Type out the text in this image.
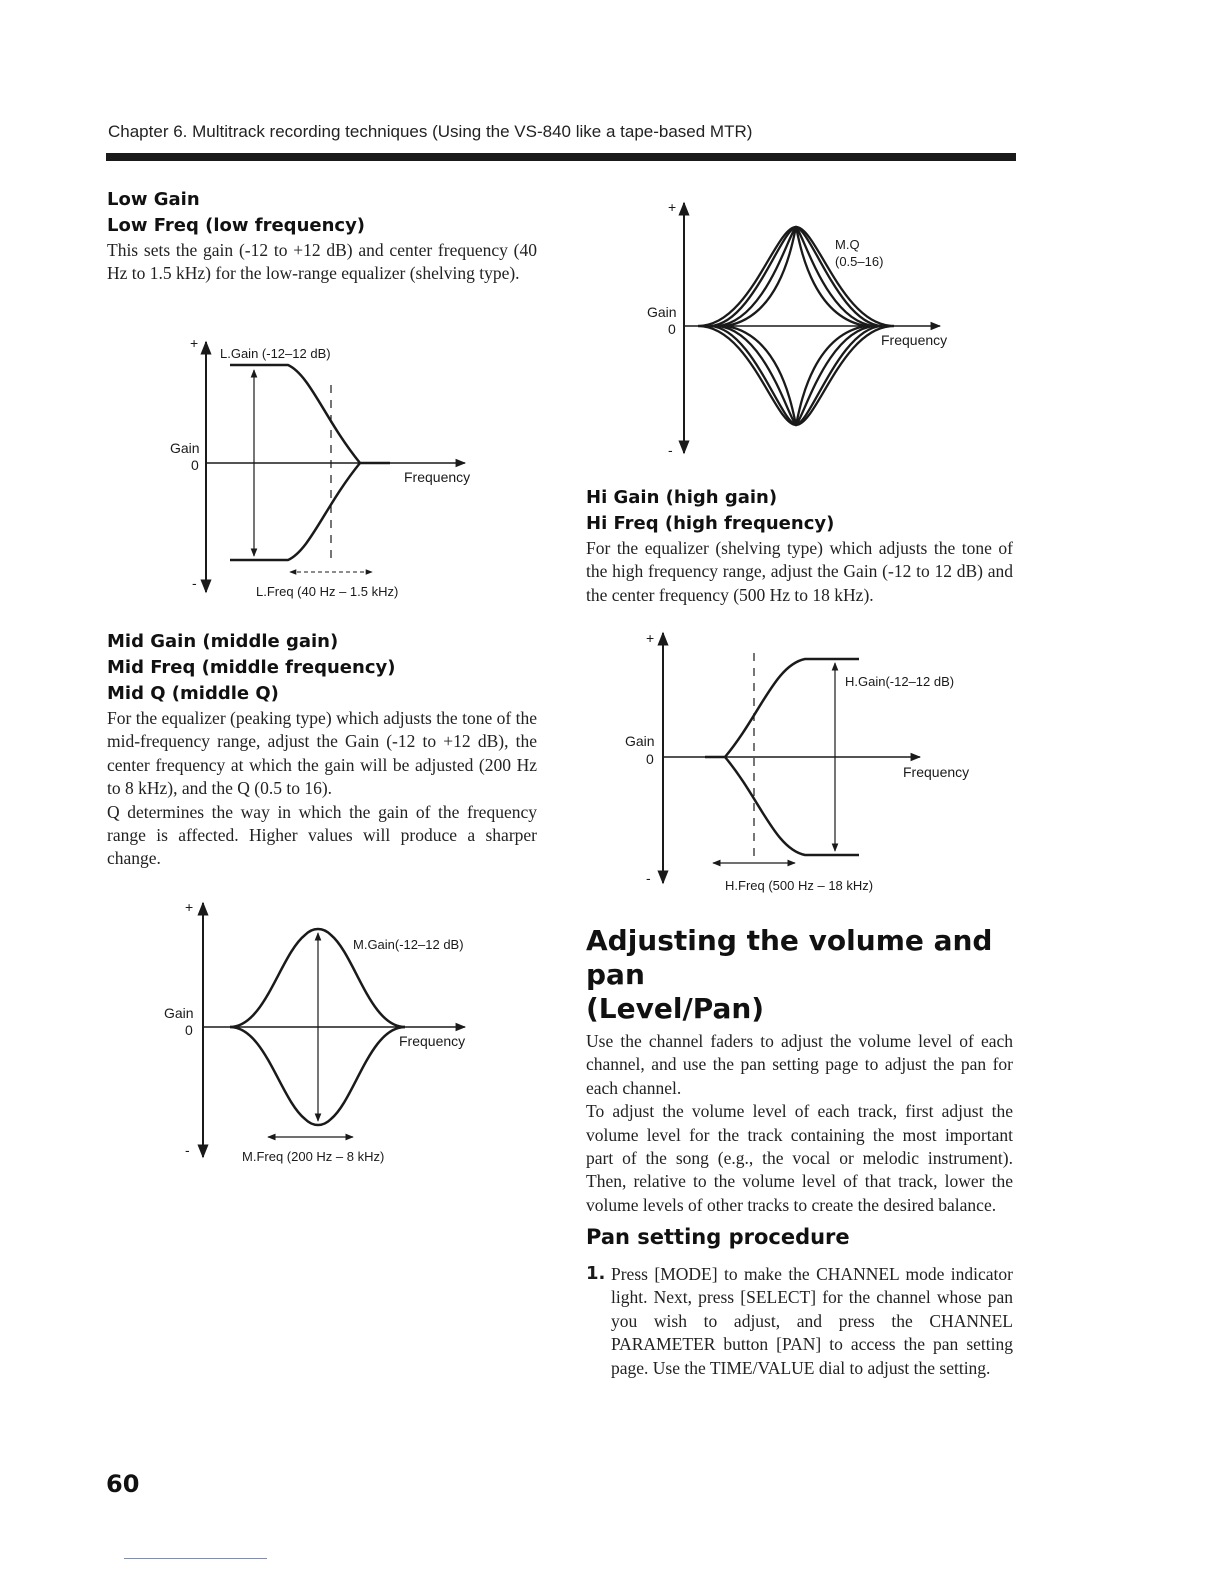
Chapter 6. Multitrack recording techniques (Using the VS-840 like a tape-based MTR)

Low Gain

Low Freq (low frequency)

This sets the gain (-12 to +12 dB) and center frequency (40 Hz to 1.5 kHz) for the low-range equalizer (shelving type).

+
-
Gain
0
L.Gain (-12–12 dB)
Frequency
L.Freq (40 Hz – 1.5 kHz)

Mid Gain (middle gain)

Mid Freq (middle frequency)

Mid Q (middle Q)

For the equalizer (peaking type) which adjusts the tone of the mid-frequency range, adjust the Gain (-12 to +12 dB), the center frequency at which the gain will be adjusted (200 Hz to 8 kHz), and the Q (0.5 to 16).

Q determines the way in which the gain of the frequency range is affected. Higher values will produce a sharper change.

+
-
Gain
0
M.Gain(-12–12 dB)
Frequency
M.Freq (200 Hz – 8 kHz)
+
-
Gain
0
M.Q
(0.5–16)
Frequency

Hi Gain (high gain)

Hi Freq (high frequency)

For the equalizer (shelving type) which adjusts the tone of the high frequency range, adjust the Gain (-12 to 12 dB) and the center frequency (500 Hz to 18 kHz).

+
-
Gain
0
H.Gain(-12–12 dB)
Frequency
H.Freq (500 Hz – 18 kHz)

Adjusting the volume and pan

(Level/Pan)

Use the channel faders to adjust the volume level of each channel, and use the pan setting page to adjust the pan for each channel.

To adjust the volume level of each track, first adjust the volume level for the track containing the most important part of the song (e.g., the vocal or melodic instrument). Then, relative to the volume level of that track, lower the volume levels of other tracks to create the desired balance.

Pan setting procedure

1. Press [MODE] to make the CHANNEL mode indicator light. Next, press [SELECT] for the channel whose pan you wish to adjust, and press the CHANNEL PARAMETER button [PAN] to access the pan setting page. Use the TIME/VALUE dial to adjust the setting.

60
